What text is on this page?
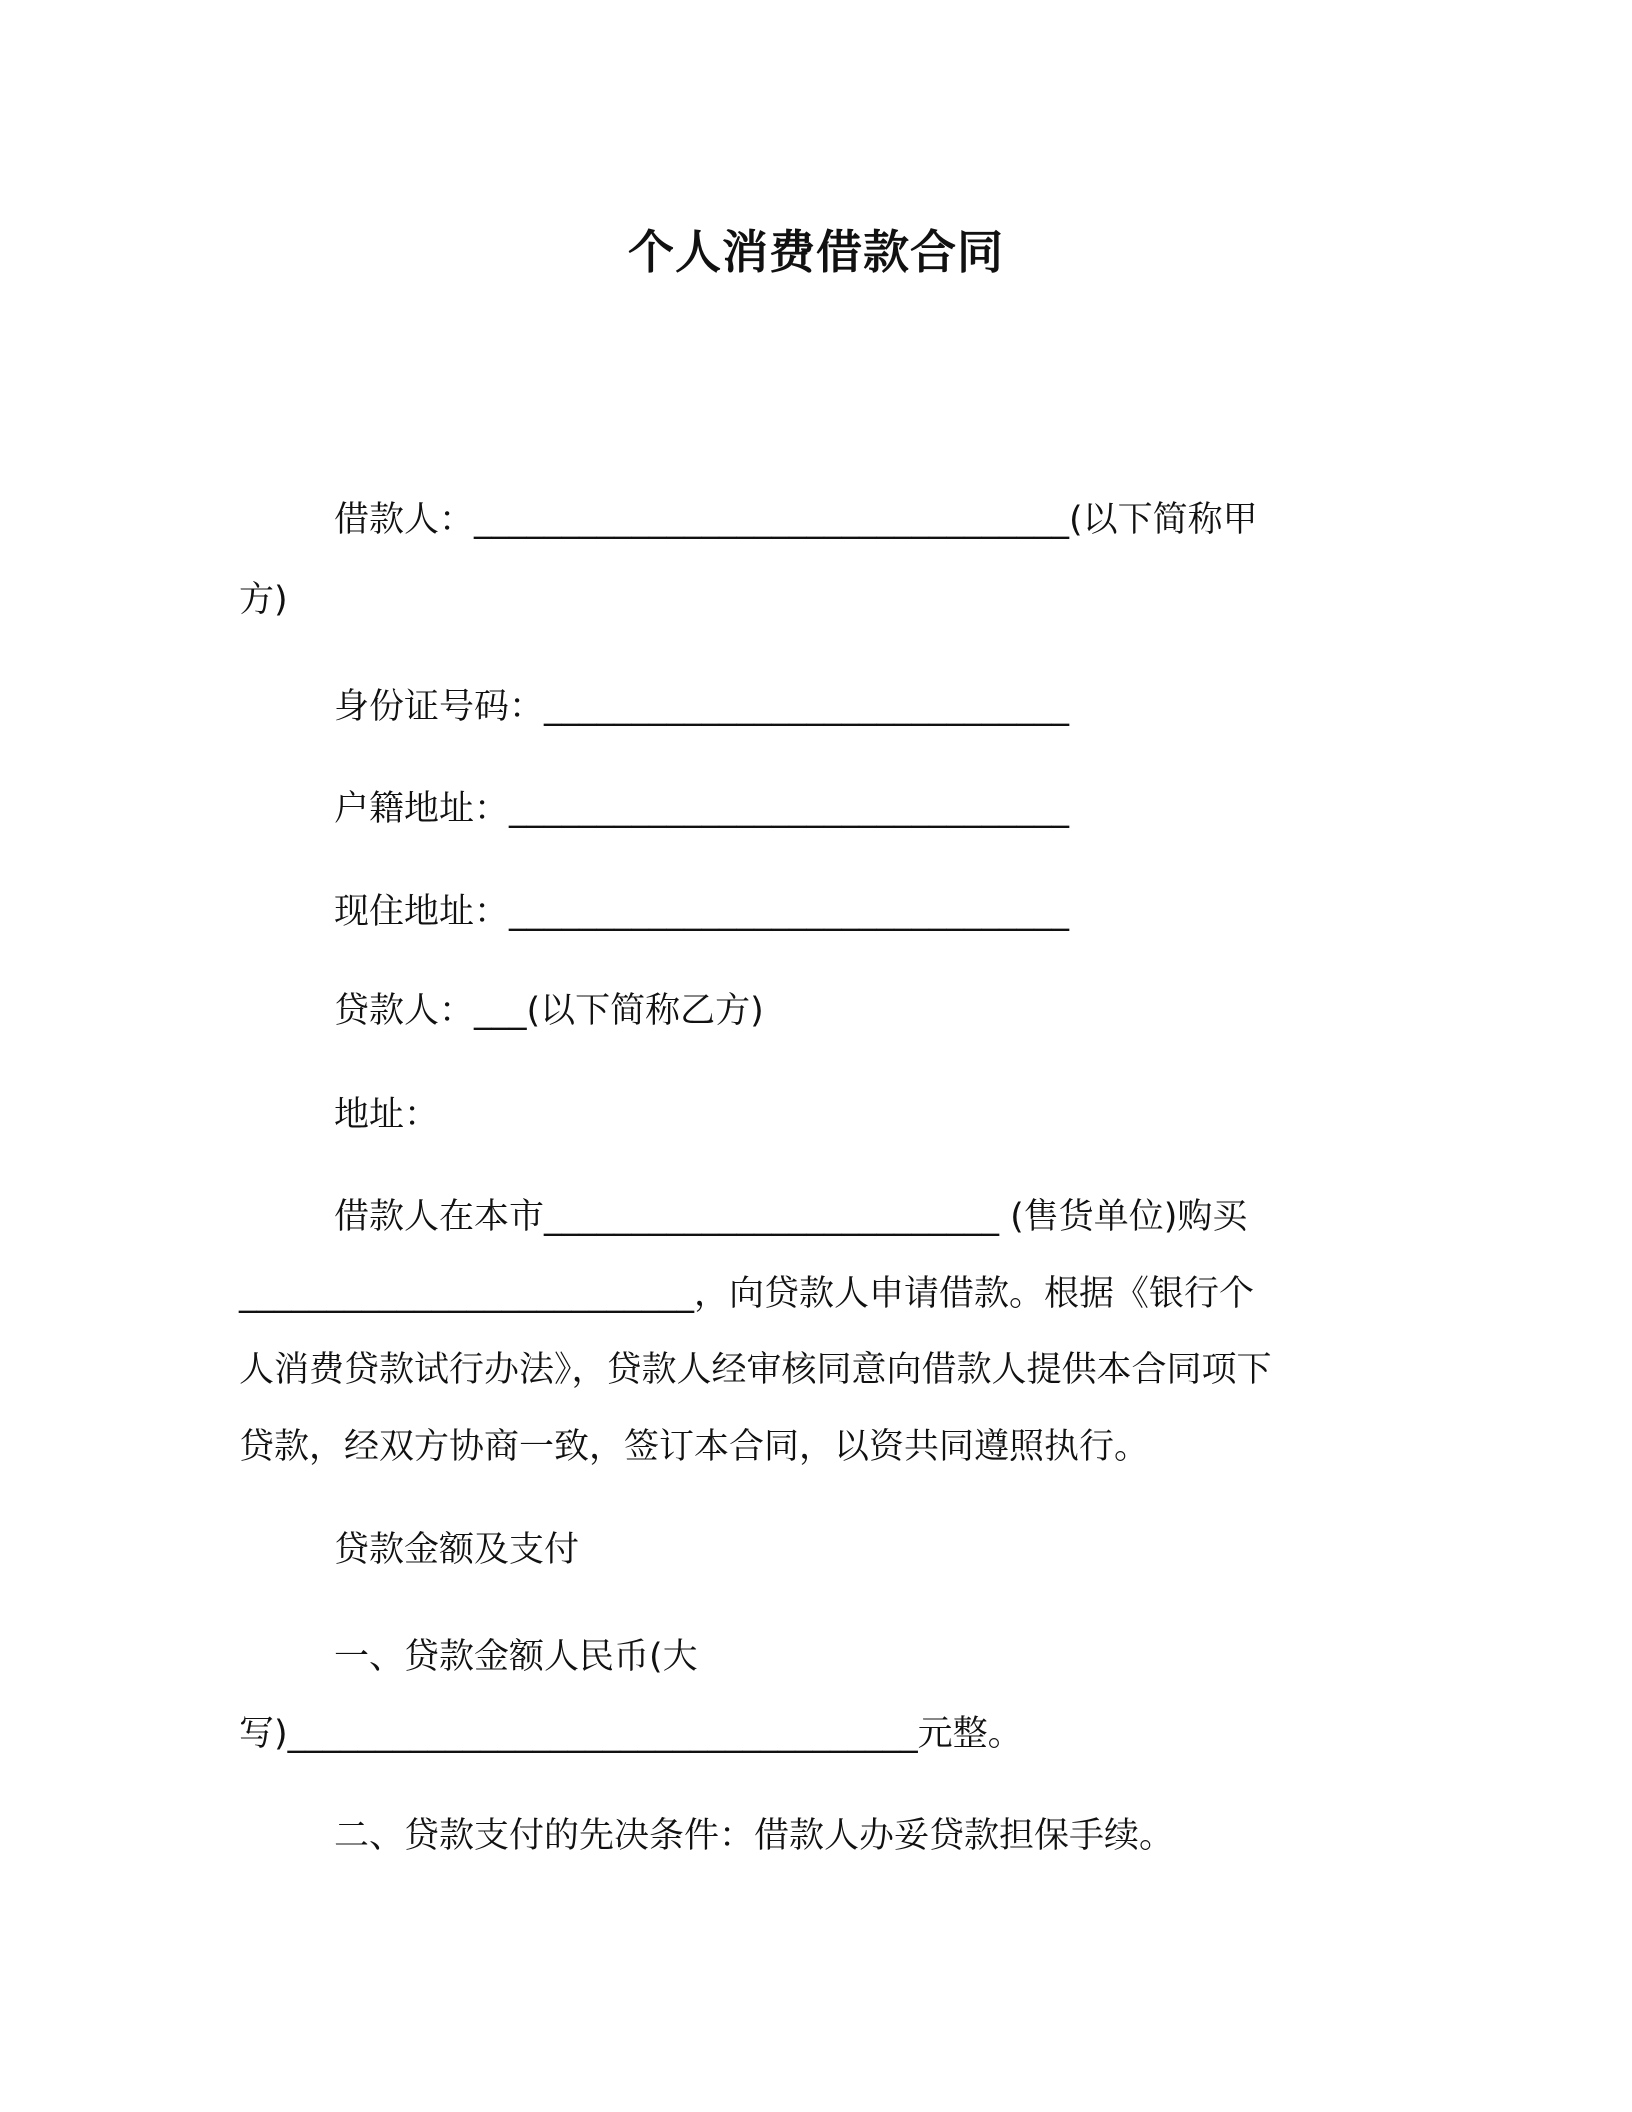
个人消费借款合同
借款人：__________________________________(以下简称甲
方)
身份证号码：______________________________
户籍地址：________________________________
现住地址：________________________________
贷款人：___(以下简称乙方)
地址：
借款人在本市__________________________ (售货单位)购买
__________________________，向贷款人申请借款。根据《银行个
人消费贷款试行办法》，贷款人经审核同意向借款人提供本合同项下
贷款，经双方协商一致，签订本合同，以资共同遵照执行。
贷款金额及支付
一、贷款金额人民币(大
写)____________________________________元整。
二、贷款支付的先决条件：借款人办妥贷款担保手续。
